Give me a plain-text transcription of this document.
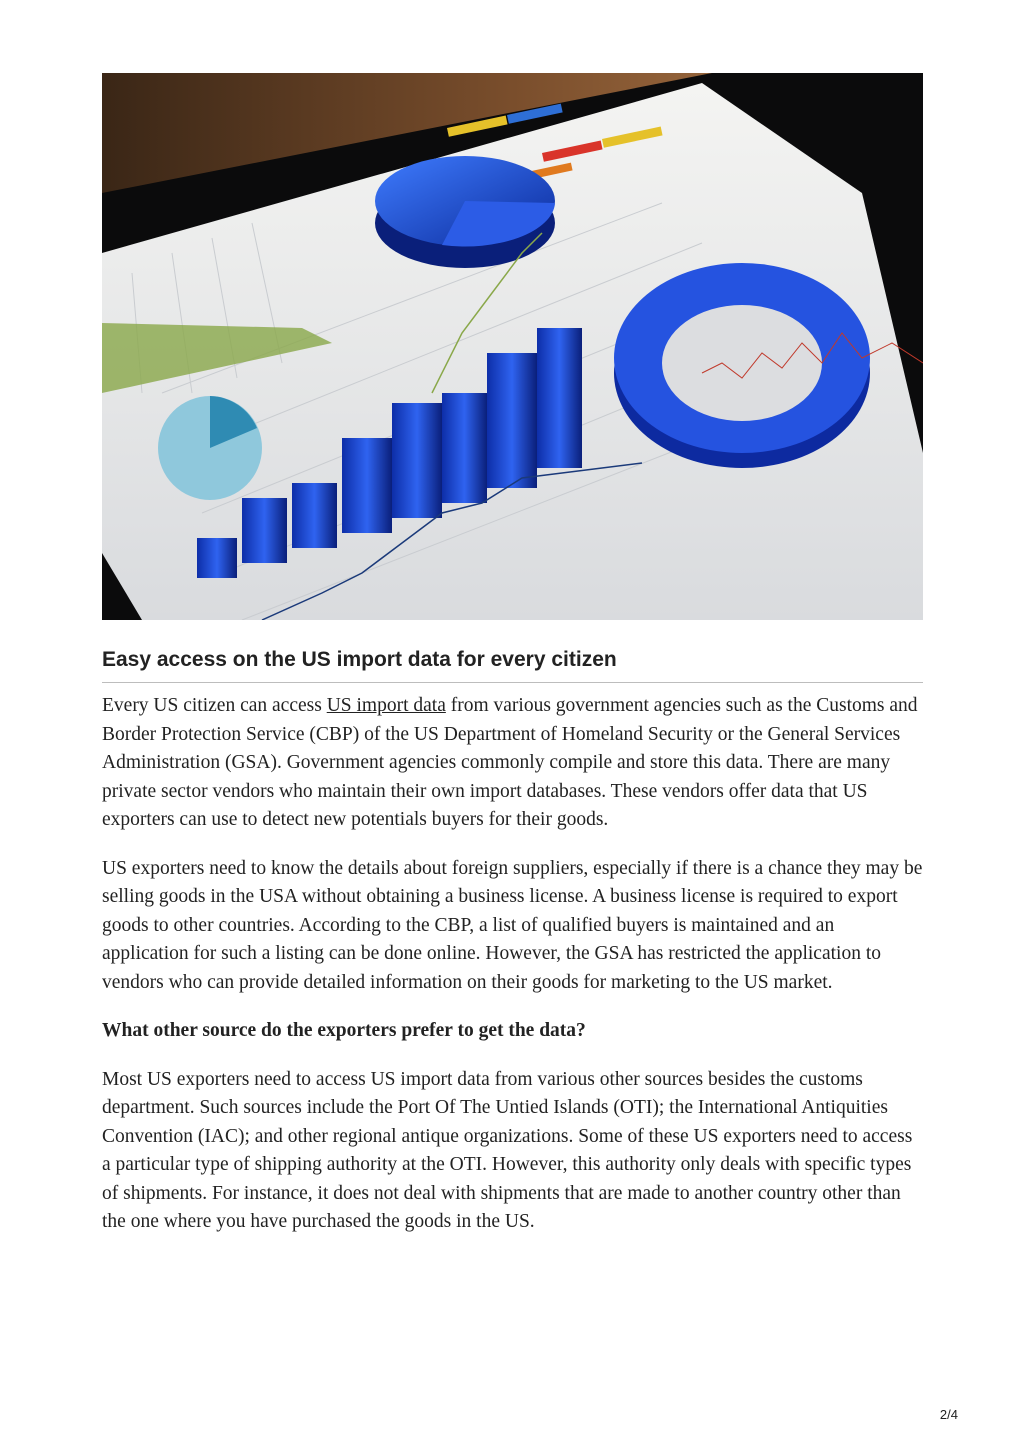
Easy access on the US import data for every citizen

Every US citizen can access US import data from various government agencies such as the Customs and Border Protection Service (CBP) of the US Department of Homeland Security or the General Services Administration (GSA). Government agencies commonly compile and store this data. There are many private sector vendors who maintain their own import databases. These vendors offer data that US exporters can use to detect new potentials buyers for their goods.

US exporters need to know the details about foreign suppliers, especially if there is a chance they may be selling goods in the USA without obtaining a business license. A business license is required to export goods to other countries. According to the CBP, a list of qualified buyers is maintained and an application for such a listing can be done online. However, the GSA has restricted the application to vendors who can provide detailed information on their goods for marketing to the US market.

What other source do the exporters prefer to get the data?

Most US exporters need to access US import data from various other sources besides the customs department. Such sources include the Port Of The Untied Islands (OTI); the International Antiquities Convention (IAC); and other regional antique organizations. Some of these US exporters need to access a particular type of shipping authority at the OTI. However, this authority only deals with specific types of shipments. For instance, it does not deal with shipments that are made to another country other than the one where you have purchased the goods in the US.

2/4
